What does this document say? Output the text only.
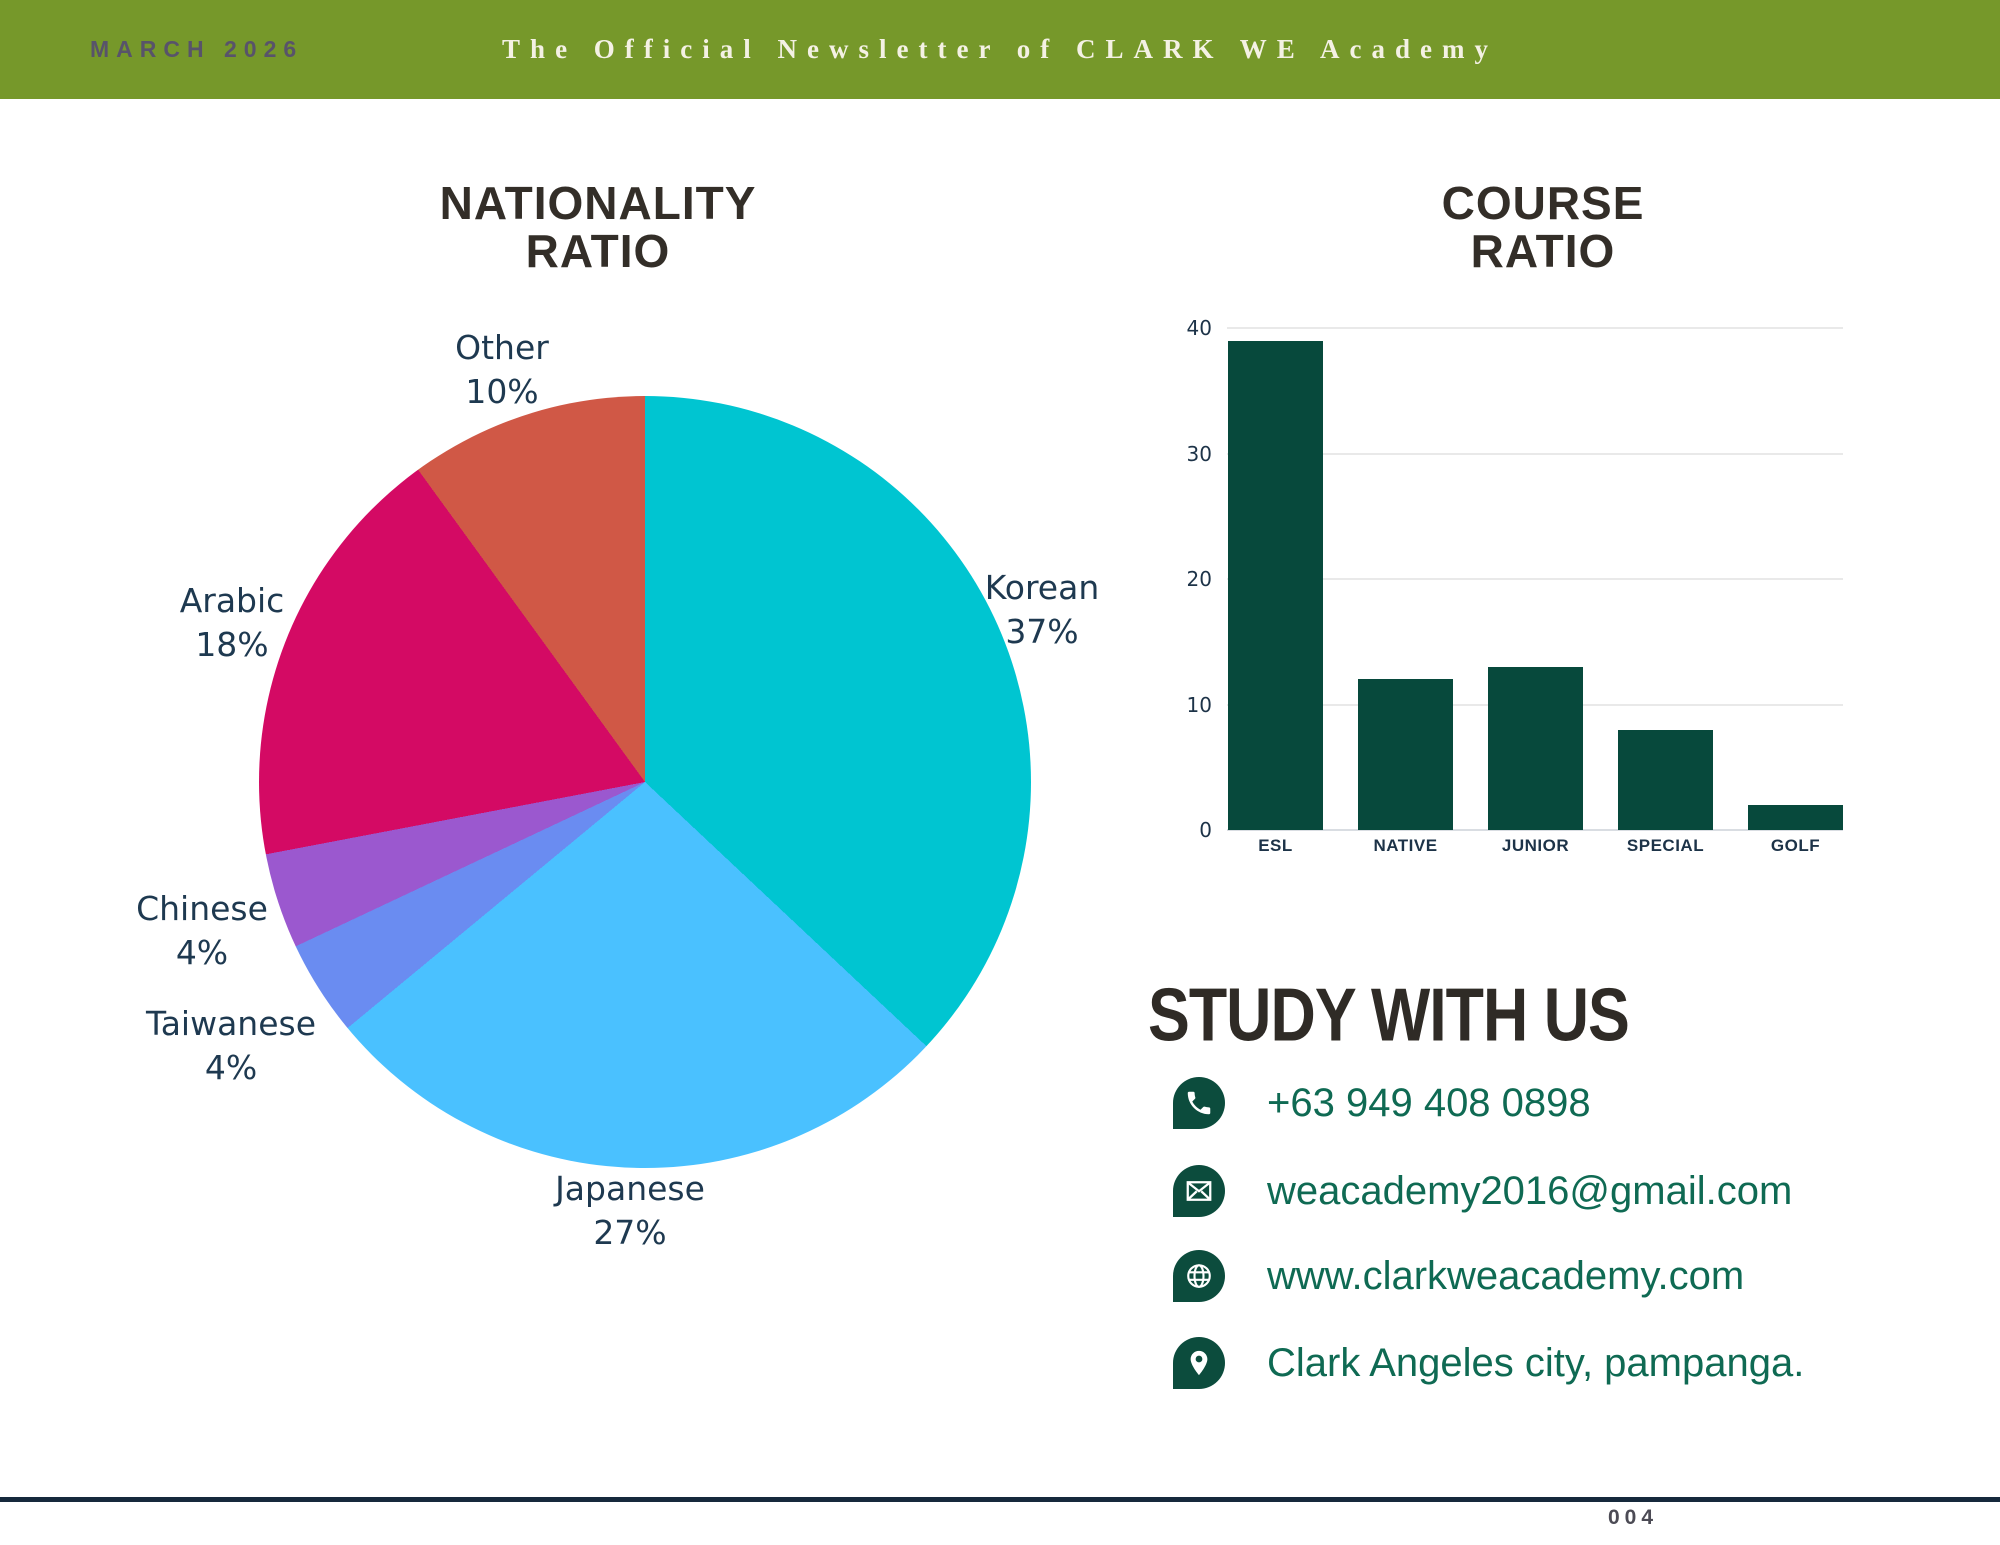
MARCH 2026	The Official Newsletter of CLARK WE Academy
NATIONALITY
RATIO
Korean
37%
Japanese
27%
Taiwanese
4%
Chinese
4%
Arabic
18%
Other
10%
COURSE
RATIO
40
30
20
10
0
ESL	NATIVE	JUNIOR	SPECIAL	GOLF
STUDY WITH US
+63 949 408 0898
weacademy2016@gmail.com
www.clarkweacademy.com
Clark Angeles city, pampanga.
004
